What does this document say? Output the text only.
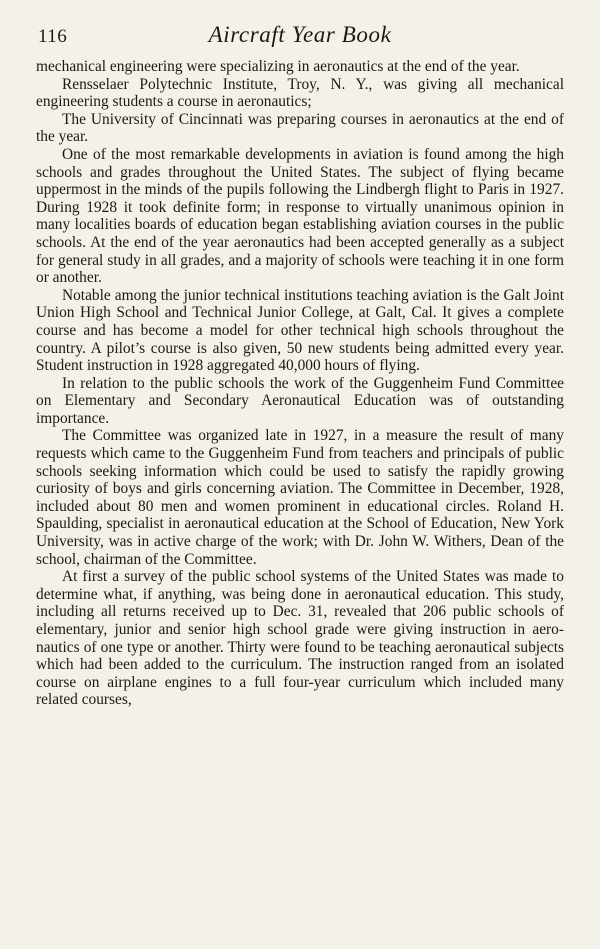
116	Aircraft Year Book

mechanical engineering were specializing in aeronautics at the end of the year.

Rensselaer Polytechnic Institute, Troy, N. Y., was giving all mechanical engineering students a course in aeronautics;

The University of Cincinnati was preparing courses in aeronautics at the end of the year.

One of the most remarkable developments in aviation is found among the high schools and grades throughout the United States. The subject of flying became uppermost in the minds of the pupils following the Lindbergh flight to Paris in 1927. During 1928 it took definite form; in response to virtually unanimous opinion in many localities boards of education began establishing aviation courses in the public schools. At the end of the year aeronautics had been accepted generally as a subject for general study in all grades, and a majority of schools were teaching it in one form or another.

Notable among the junior technical institutions teaching aviation is the Galt Joint Union High School and Technical Junior College, at Galt, Cal. It gives a complete course and has become a model for other technical high schools throughout the country. A pilot’s course is also given, 50 new students being admitted every year. Student instruction in 1928 aggregated 40,000 hours of flying.

In relation to the public schools the work of the Guggenheim Fund Committee on Elementary and Secondary Aeronautical Education was of outstanding importance.

The Committee was organized late in 1927, in a measure the result of many requests which came to the Guggenheim Fund from teachers and principals of public schools seeking information which could be used to satisfy the rapidly growing curiosity of boys and girls concerning aviation. The Committee in December, 1928, included about 80 men and women prominent in educational circles. Roland H. Spaulding, specialist in aeronautical education at the School of Education, New York University, was in active charge of the work; with Dr. John W. Withers, Dean of the school, chairman of the Committee.

At first a survey of the public school systems of the United States was made to determine what, if anything, was being done in aeronautical education. This study, including all returns received up to Dec. 31, revealed that 206 public schools of elementary, junior and senior high school grade were giving instruction in aeronautics of one type or another. Thirty were found to be teaching aeronautical subjects which had been added to the curriculum. The instruction ranged from an isolated course on airplane engines to a full four-year curriculum which included many related courses,
